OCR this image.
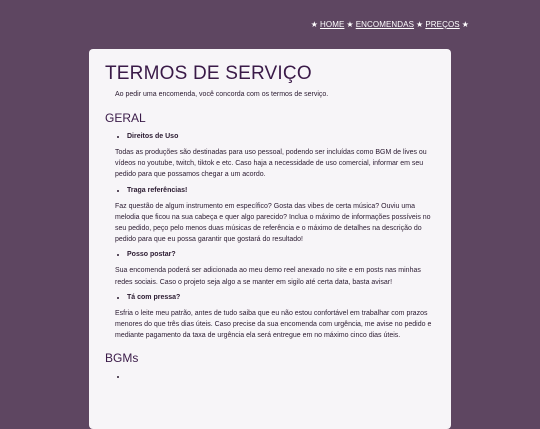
★ HOME ★ ENCOMENDAS ★ PREÇOS ★
TERMOS DE SERVIÇO

Ao pedir uma encomenda, você concorda com os termos de serviço.

GERAL
• Direitos de Uso

Todas as produções são destinadas para uso pessoal, podendo ser incluídas como BGM de lives ou vídeos no youtube, twitch, tiktok e etc. Caso haja a necessidade de uso comercial, informar em seu pedido para que possamos chegar a um acordo.

• Traga referências!

Faz questão de algum instrumento em específico? Gosta das vibes de certa música? Ouviu uma melodia que ficou na sua cabeça e quer algo parecido? Inclua o máximo de informações possíveis no seu pedido, peço pelo menos duas músicas de referência e o máximo de detalhes na descrição do pedido para que eu possa garantir que gostará do resultado!

• Posso postar?

Sua encomenda poderá ser adicionada ao meu demo reel anexado no site e em posts nas minhas redes sociais. Caso o projeto seja algo a se manter em sigilo até certa data, basta avisar!

• Tá com pressa?

Esfria o leite meu patrão, antes de tudo saiba que eu não estou confortável em trabalhar com prazos menores do que três dias úteis. Caso precise da sua encomenda com urgência, me avise no pedido e mediante pagamento da taxa de urgência ela será entregue em no máximo cinco dias úteis.

BGMs
•
